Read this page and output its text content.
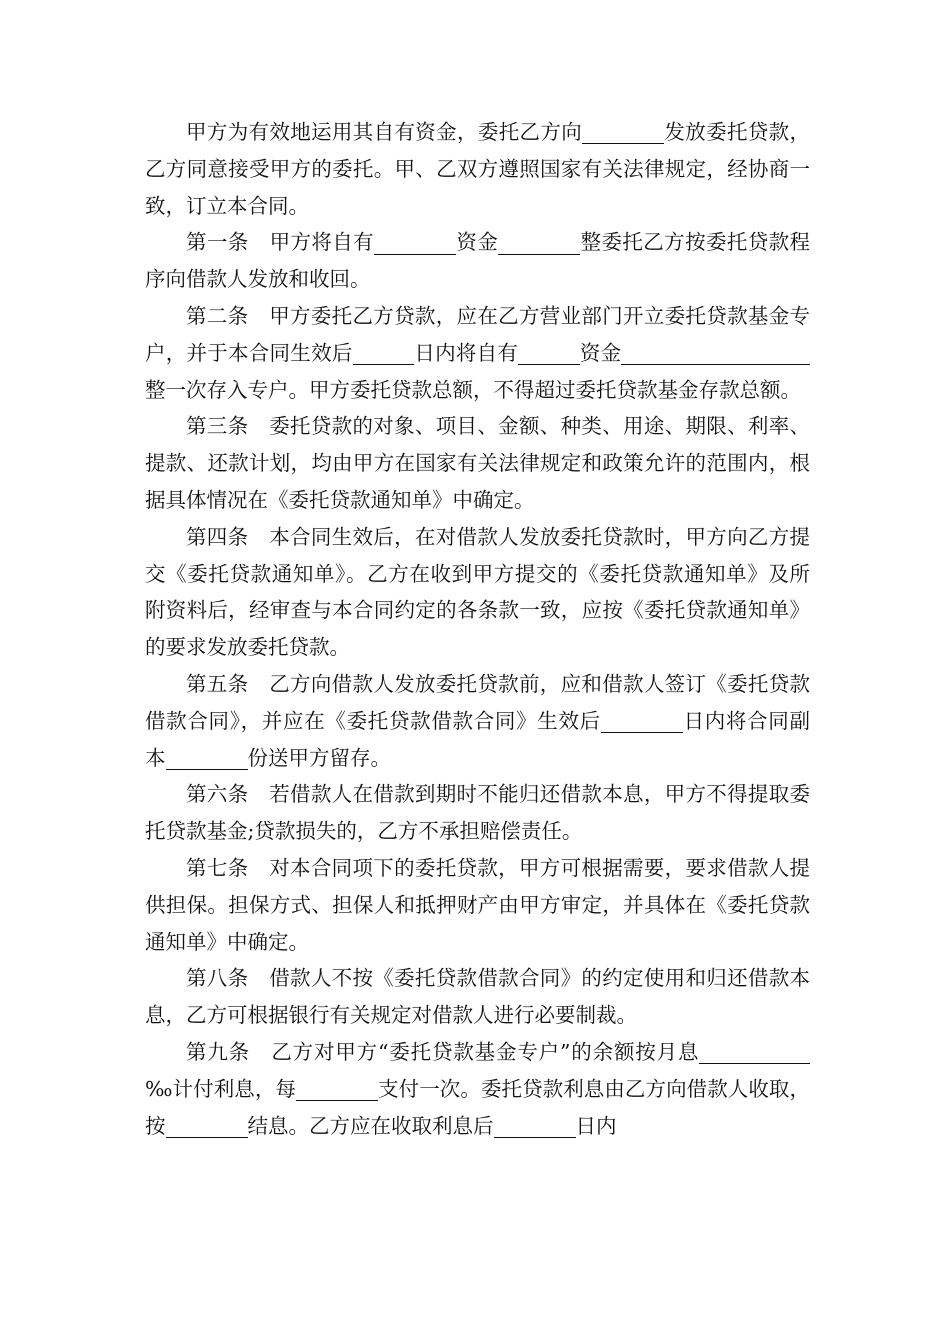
甲方为有效地运用其自有资金，委托乙方向	发放委托贷款，乙方同意接受甲方的委托。甲、乙双方遵照国家有关法律规定，经协商一致，订立本合同。

第一条　甲方将自有	资金	整委托乙方按委托贷款程序向借款人发放和收回。

第二条　甲方委托乙方贷款，应在乙方营业部门开立委托贷款基金专户，并于本合同生效后	日内将自有	资金整一次存入专户。甲方委托贷款总额，不得超过委托贷款基金存款总额。

第三条　委托贷款的对象、项目、金额、种类、用途、期限、利率、提款、还款计划，均由甲方在国家有关法律规定和政策允许的范围内，根据具体情况在《委托贷款通知单》中确定。

第四条　本合同生效后，在对借款人发放委托贷款时，甲方向乙方提交《委托贷款通知单》。乙方在收到甲方提交的《委托贷款通知单》及所附资料后，经审查与本合同约定的各条款一致，应按《委托贷款通知单》的要求发放委托贷款。

第五条　乙方向借款人发放委托贷款前，应和借款人签订《委托贷款借款合同》，并应在《委托贷款借款合同》生效后	日内将合同副本	份送甲方留存。

第六条　若借款人在借款到期时不能归还借款本息，甲方不得提取委托贷款基金;贷款损失的，乙方不承担赔偿责任。

第七条　对本合同项下的委托贷款，甲方可根据需要，要求借款人提供担保。担保方式、担保人和抵押财产由甲方审定，并具体在《委托贷款通知单》中确定。

第八条　借款人不按《委托贷款借款合同》的约定使用和归还借款本息，乙方可根据银行有关规定对借款人进行必要制裁。

第九条　乙方对甲方“委托贷款基金专户”的余额按月息‰计付利息，每	支付一次。委托贷款利息由乙方向借款人收取，按	结息。乙方应在收取利息后	日内
